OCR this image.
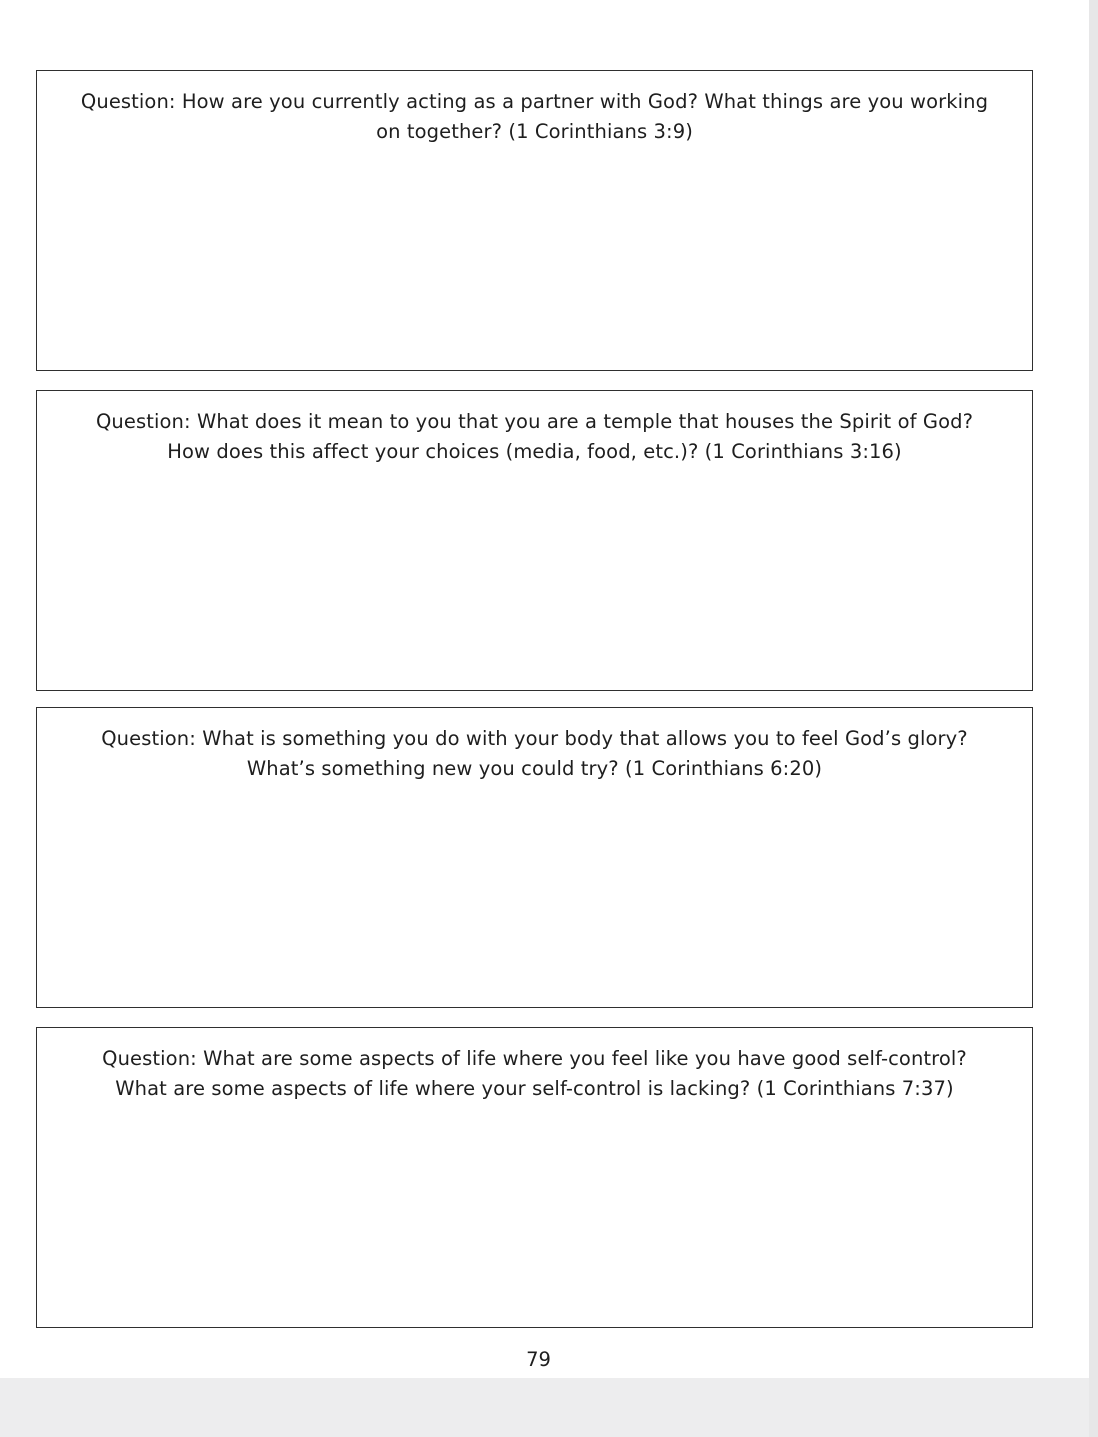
Question: How are you currently acting as a partner with God? What things are you working on together? (1 Corinthians 3:9)

Question: What does it mean to you that you are a temple that houses the Spirit of God? How does this affect your choices (media, food, etc.)? (1 Corinthians 3:16)

Question: What is something you do with your body that allows you to feel God’s glory? What’s something new you could try? (1 Corinthians 6:20)

Question: What are some aspects of life where you feel like you have good self-control? What are some aspects of life where your self-control is lacking? (1 Corinthians 7:37)

79
